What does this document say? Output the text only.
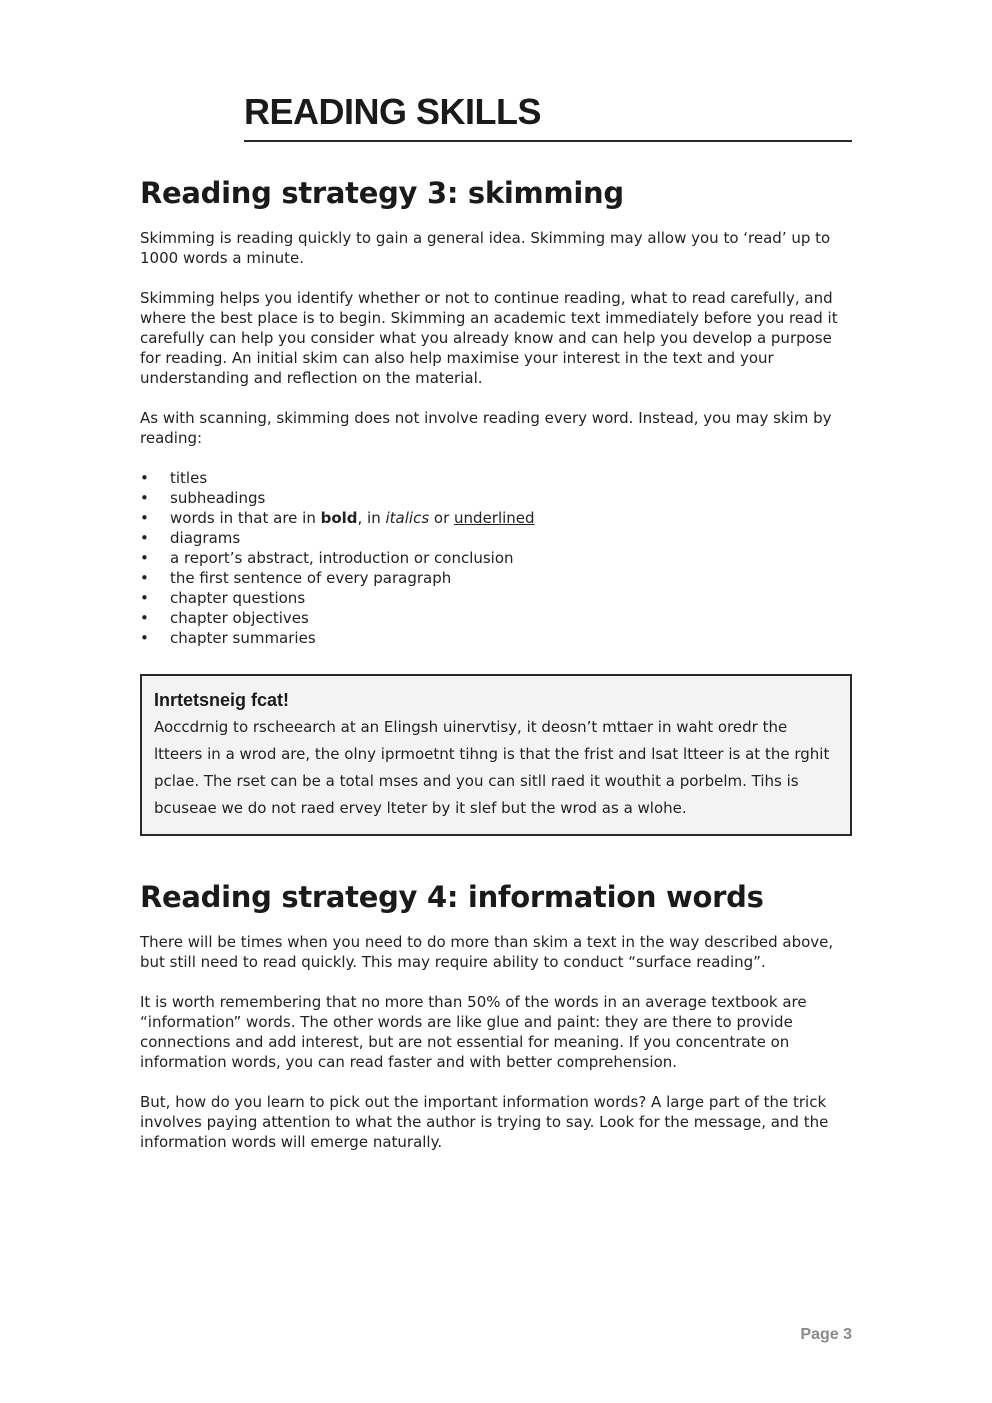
READING SKILLS
Reading strategy 3: skimming

Skimming is reading quickly to gain a general idea. Skimming may allow you to ‘read’ up to 1000 words a minute.

Skimming helps you identify whether or not to continue reading, what to read carefully, and where the best place is to begin. Skimming an academic text immediately before you read it carefully can help you consider what you already know and can help you develop a purpose for reading. An initial skim can also help maximise your interest in the text and your understanding and reflection on the material.

As with scanning, skimming does not involve reading every word. Instead, you may skim by reading:

• titles
• subheadings
• words in that are in bold, in italics or underlined
• diagrams
• a report’s abstract, introduction or conclusion
• the first sentence of every paragraph
• chapter questions
• chapter objectives
• chapter summaries
Inrtetsneig fcat!
Aoccdrnig to rscheearch at an Elingsh uinervtisy, it deosn’t mttaer in waht oredr the ltteers in a wrod are, the olny iprmoetnt tihng is that the frist and lsat ltteer is at the rghit pclae. The rset can be a total mses and you can sitll raed it wouthit a porbelm. Tihs is bcuseae we do not raed ervey lteter by it slef but the wrod as a wlohe.
Reading strategy 4: information words

There will be times when you need to do more than skim a text in the way described above, but still need to read quickly. This may require ability to conduct “surface reading”.

It is worth remembering that no more than 50% of the words in an average textbook are “information” words. The other words are like glue and paint: they are there to provide connections and add interest, but are not essential for meaning. If you concentrate on information words, you can read faster and with better comprehension.

But, how do you learn to pick out the important information words? A large part of the trick involves paying attention to what the author is trying to say. Look for the message, and the information words will emerge naturally.

Page 3
